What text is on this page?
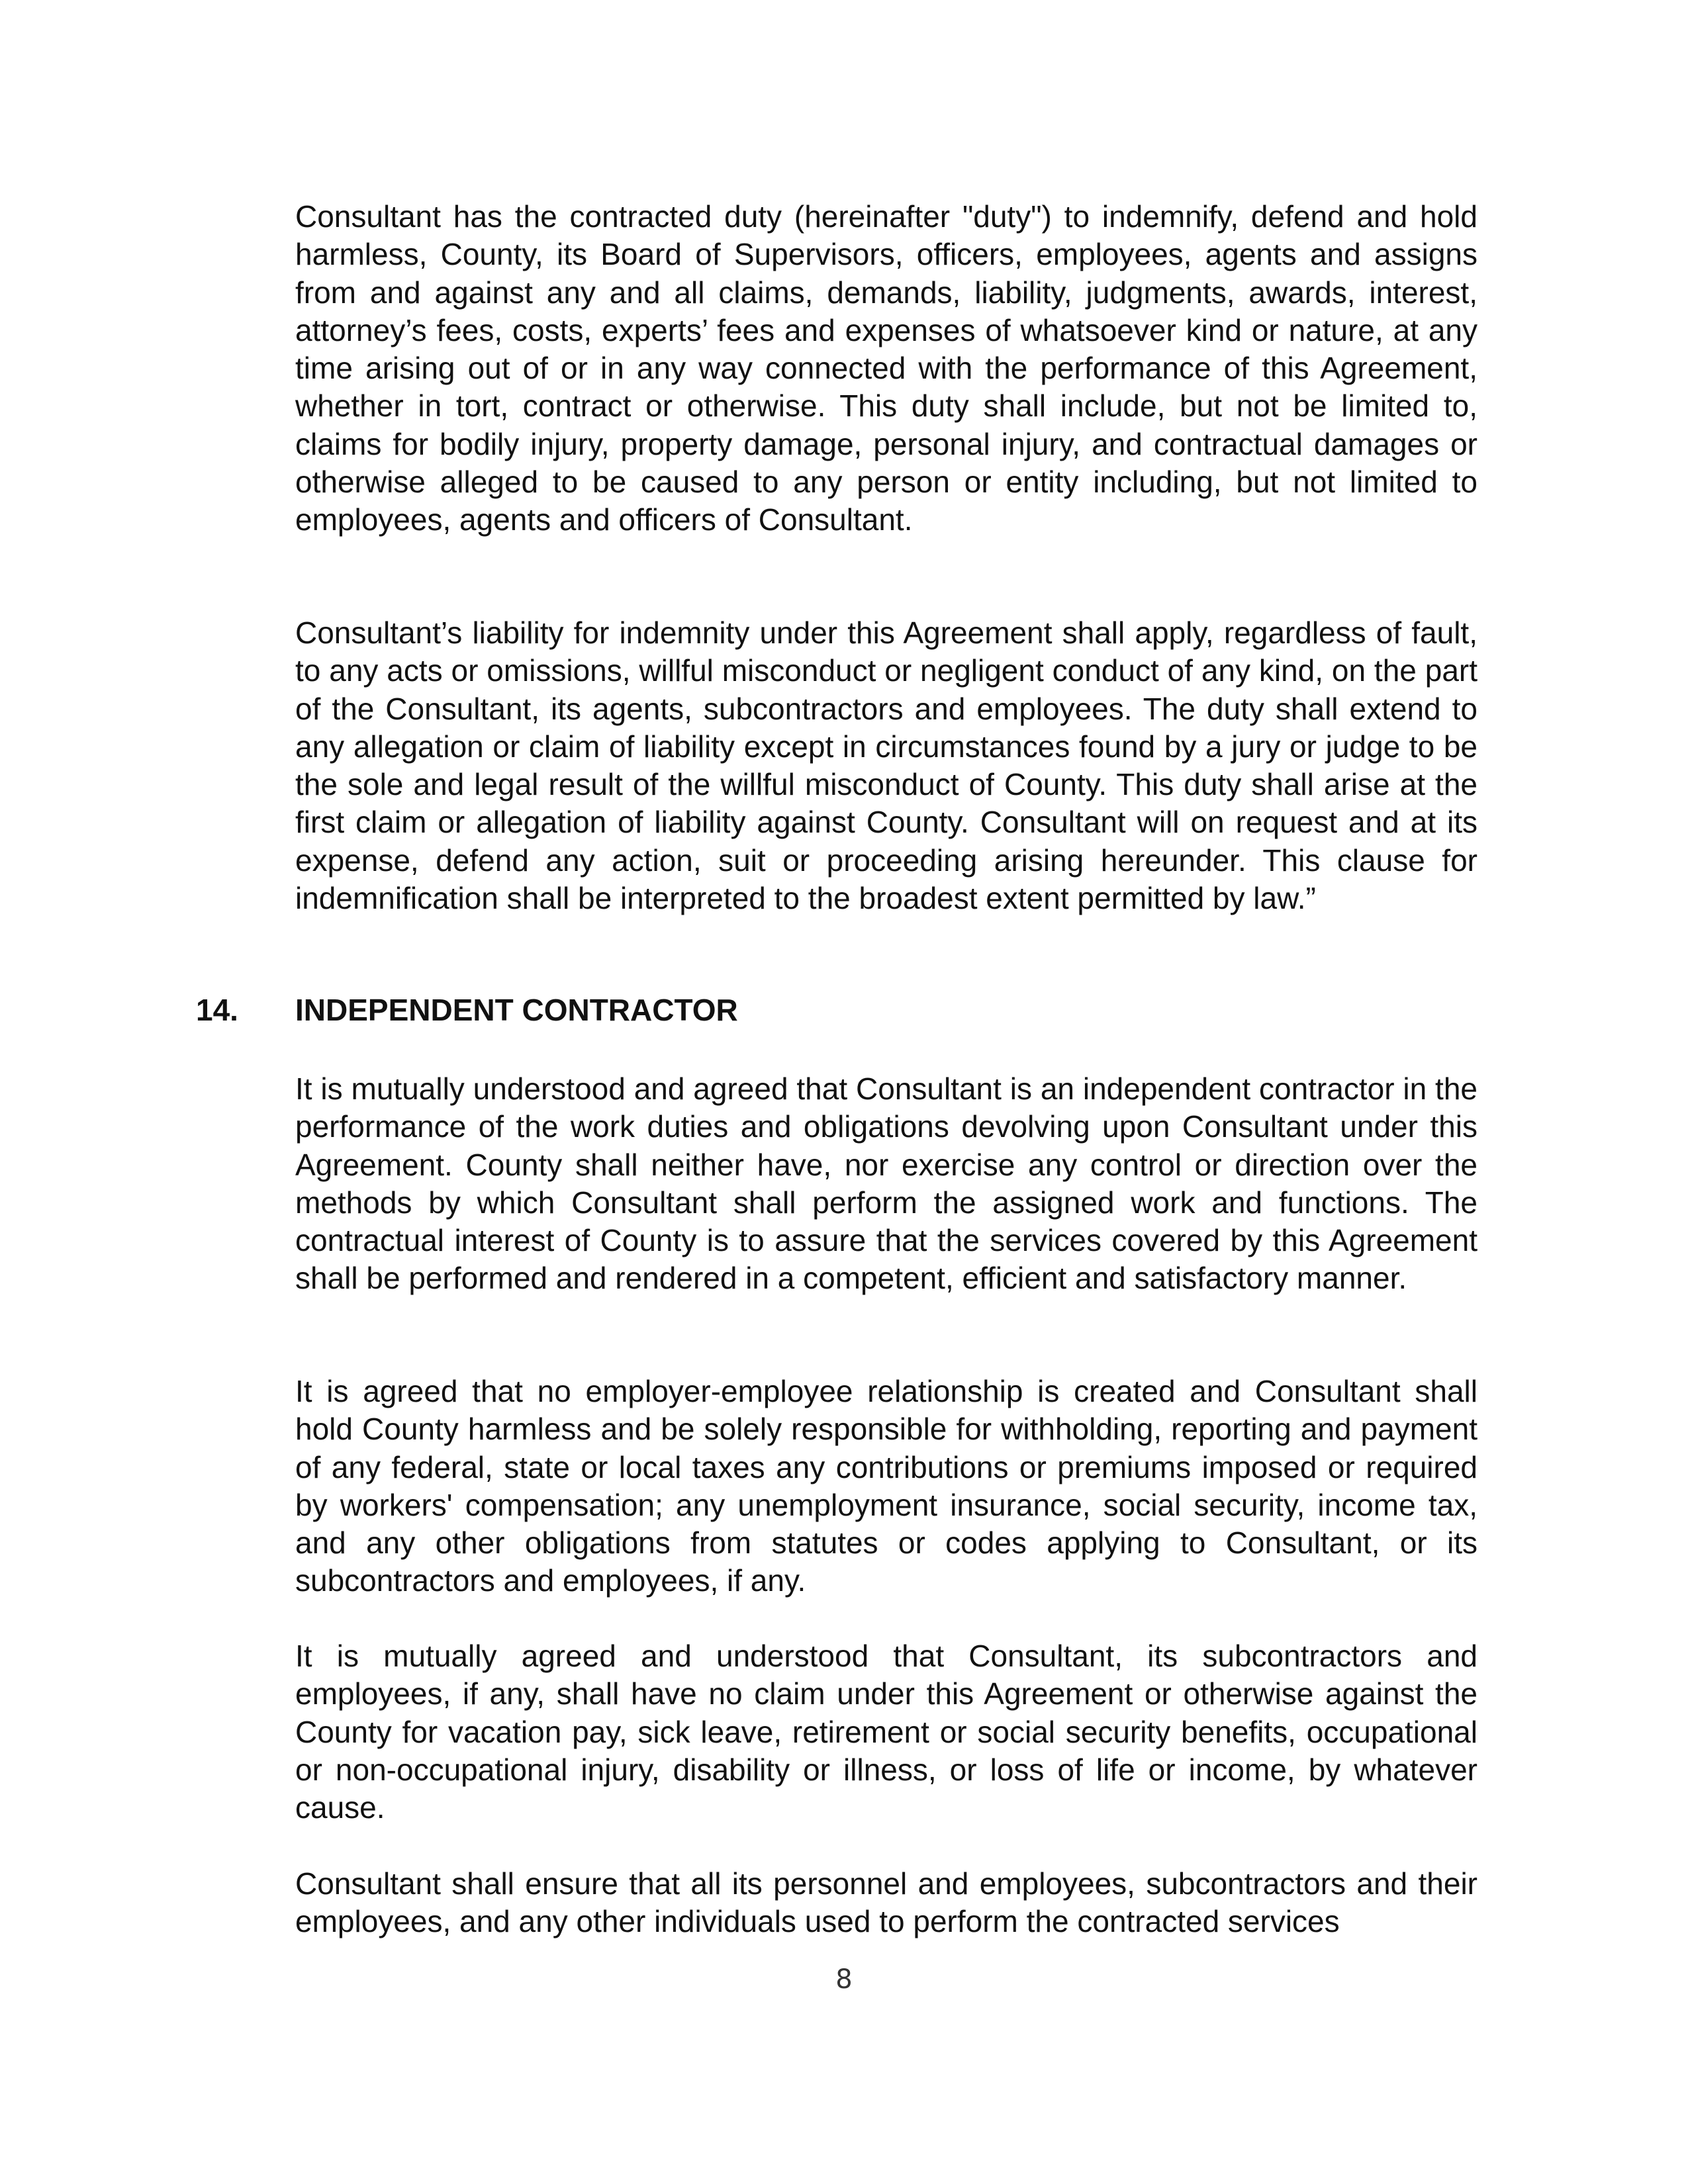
Consultant has the contracted duty (hereinafter "duty") to indemnify, defend and hold harmless, County, its Board of Supervisors, officers, employees, agents and assigns from and against any and all claims, demands, liability, judgments, awards, interest, attorney’s fees, costs, experts’ fees and expenses of whatsoever kind or nature, at any time arising out of or in any way connected with the performance of this Agreement, whether in tort, contract or otherwise. This duty shall include, but not be limited to, claims for bodily injury, property damage, personal injury, and contractual damages or otherwise alleged to be caused to any person or entity including, but not limited to employees, agents and officers of Consultant.

Consultant’s liability for indemnity under this Agreement shall apply, regardless of fault, to any acts or omissions, willful misconduct or negligent conduct of any kind, on the part of the Consultant, its agents, subcontractors and employees. The duty shall extend to any allegation or claim of liability except in circumstances found by a jury or judge to be the sole and legal result of the willful misconduct of County. This duty shall arise at the first claim or allegation of liability against County. Consultant will on request and at its expense, defend any action, suit or proceeding arising hereunder. This clause for indemnification shall be interpreted to the broadest extent permitted by law.”

14. INDEPENDENT CONTRACTOR

It is mutually understood and agreed that Consultant is an independent contractor in the performance of the work duties and obligations devolving upon Consultant under this Agreement. County shall neither have, nor exercise any control or direction over the methods by which Consultant shall perform the assigned work and functions. The contractual interest of County is to assure that the services covered by this Agreement shall be performed and rendered in a competent, efficient and satisfactory manner.

It is agreed that no employer-employee relationship is created and Consultant shall hold County harmless and be solely responsible for withholding, reporting and payment of any federal, state or local taxes any contributions or premiums imposed or required by workers' compensation; any unemployment insurance, social security, income tax, and any other obligations from statutes or codes applying to Consultant, or its subcontractors and employees, if any.

It is mutually agreed and understood that Consultant, its subcontractors and employees, if any, shall have no claim under this Agreement or otherwise against the County for vacation pay, sick leave, retirement or social security benefits, occupational or non-occupational injury, disability or illness, or loss of life or income, by whatever cause.

Consultant shall ensure that all its personnel and employees, subcontractors and their employees, and any other individuals used to perform the contracted services

8
